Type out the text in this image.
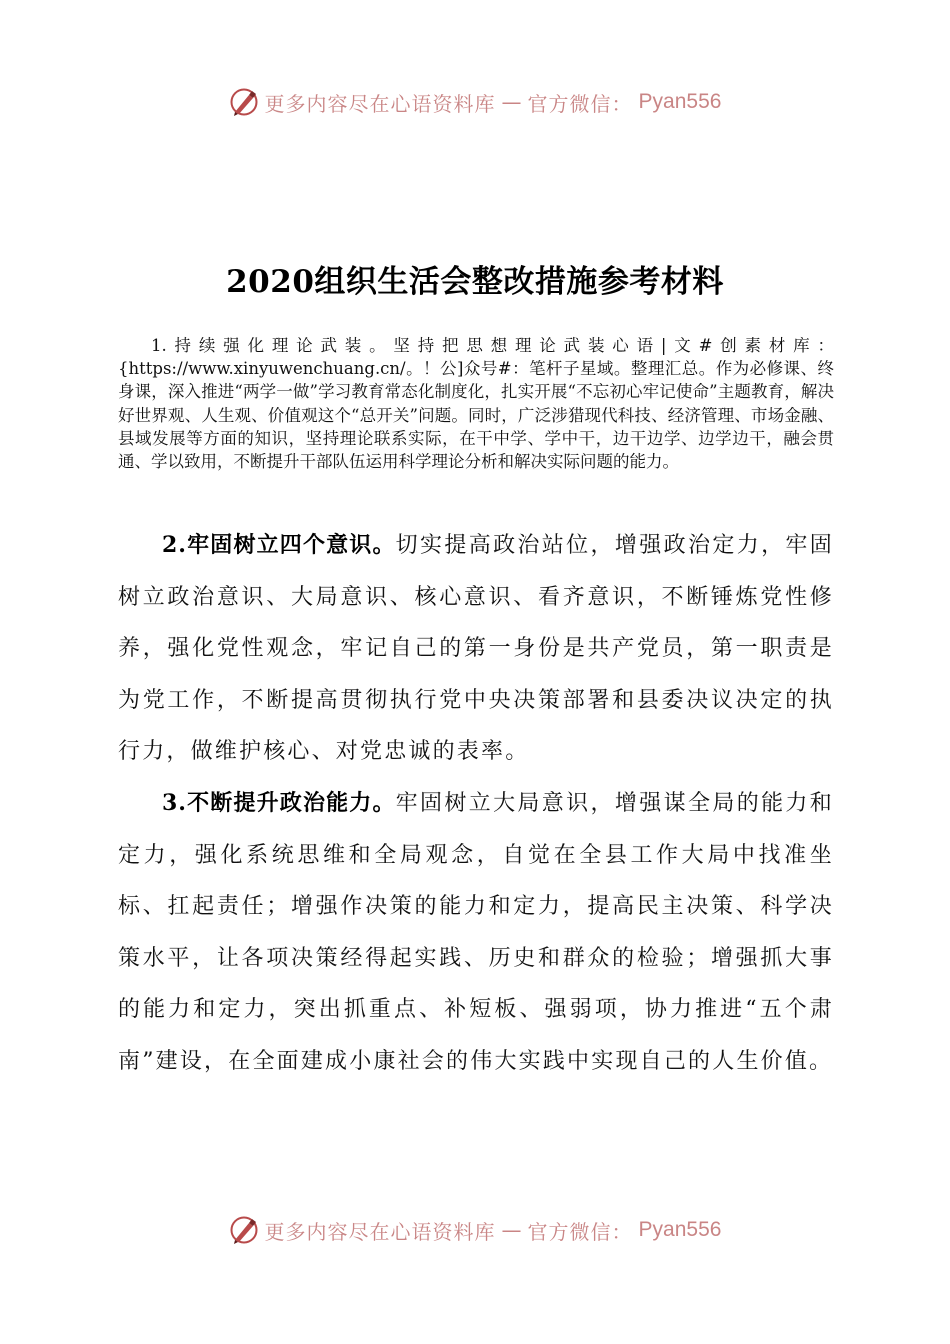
更多内容尽在心语资料库 — 官方微信： Pyan556
2020组织生活会整改措施参考材料

1.持续强化理论武装。坚持把思想理论武装心语|文#创素材库：{https://www.xinyuwenchuang.cn/。！公]众号#：笔杆子星域。整理汇总。作为必修课、终身课，深入推进“两学一做”学习教育常态化制度化，扎实开展“不忘初心牢记使命”主题教育，解决好世界观、人生观、价值观这个“总开关”问题。同时，广泛涉猎现代科技、经济管理、市场金融、县域发展等方面的知识，坚持理论联系实际，在干中学、学中干，边干边学、边学边干，融会贯通、学以致用，不断提升干部队伍运用科学理论分析和解决实际问题的能力。

2.牢固树立四个意识。切实提高政治站位，增强政治定力，牢固树立政治意识、大局意识、核心意识、看齐意识，不断锤炼党性修养，强化党性观念，牢记自己的第一身份是共产党员，第一职责是为党工作，不断提高贯彻执行党中央决策部署和县委决议决定的执行力，做维护核心、对党忠诚的表率。

3.不断提升政治能力。牢固树立大局意识，增强谋全局的能力和定力，强化系统思维和全局观念，自觉在全县工作大局中找准坐标、扛起责任；增强作决策的能力和定力，提高民主决策、科学决策水平，让各项决策经得起实践、历史和群众的检验；增强抓大事的能力和定力，突出抓重点、补短板、强弱项，协力推进“五个肃南”建设，在全面建成小康社会的伟大实践中实现自己的人生价值。

更多内容尽在心语资料库 — 官方微信： Pyan556
